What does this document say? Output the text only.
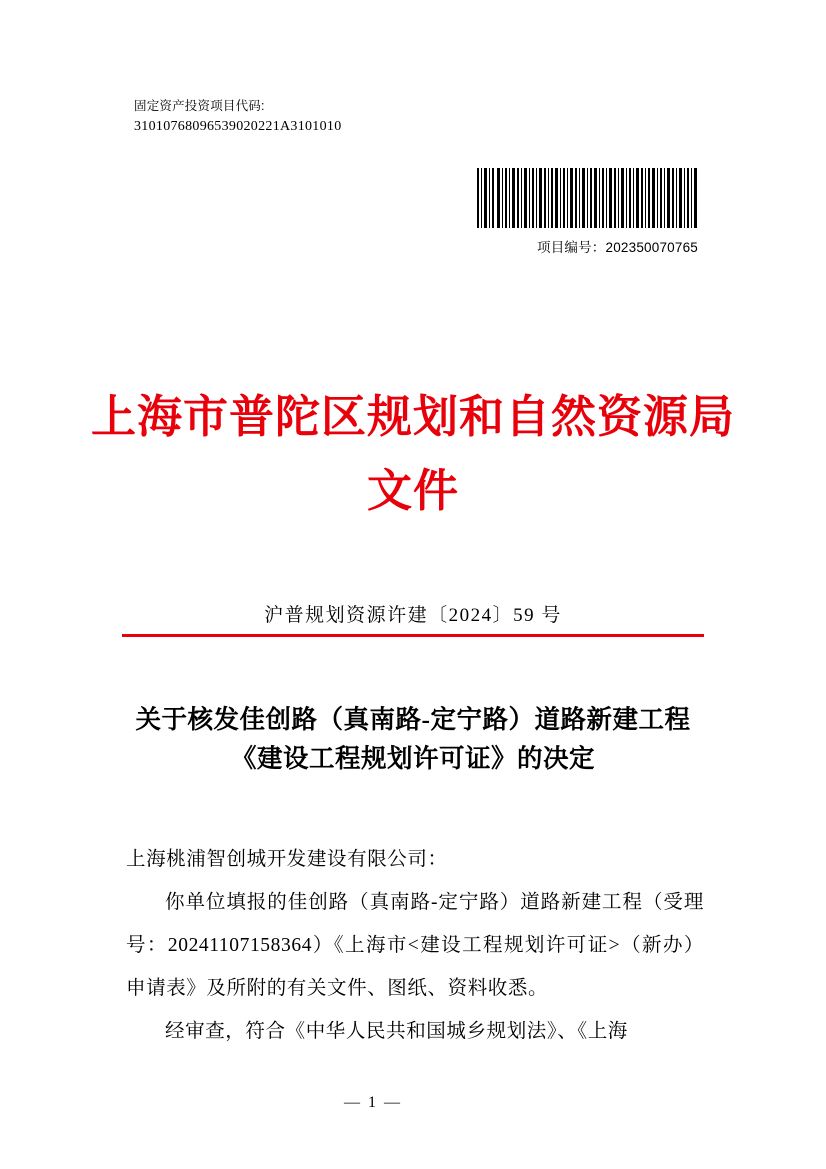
固定资产投资项目代码:
31010768096539020221A3101010
项目编号：202350070765
上海市普陀区规划和自然资源局
文件
沪普规划资源许建〔2024〕59 号
关于核发佳创路（真南路-定宁路）道路新建工程《建设工程规划许可证》的决定

上海桃浦智创城开发建设有限公司：

你单位填报的佳创路（真南路-定宁路）道路新建工程（受理号：20241107158364）《上海市<建设工程规划许可证>（新办）申请表》及所附的有关文件、图纸、资料收悉。

经审查，符合《中华人民共和国城乡规划法》、《上海

— 1 —
